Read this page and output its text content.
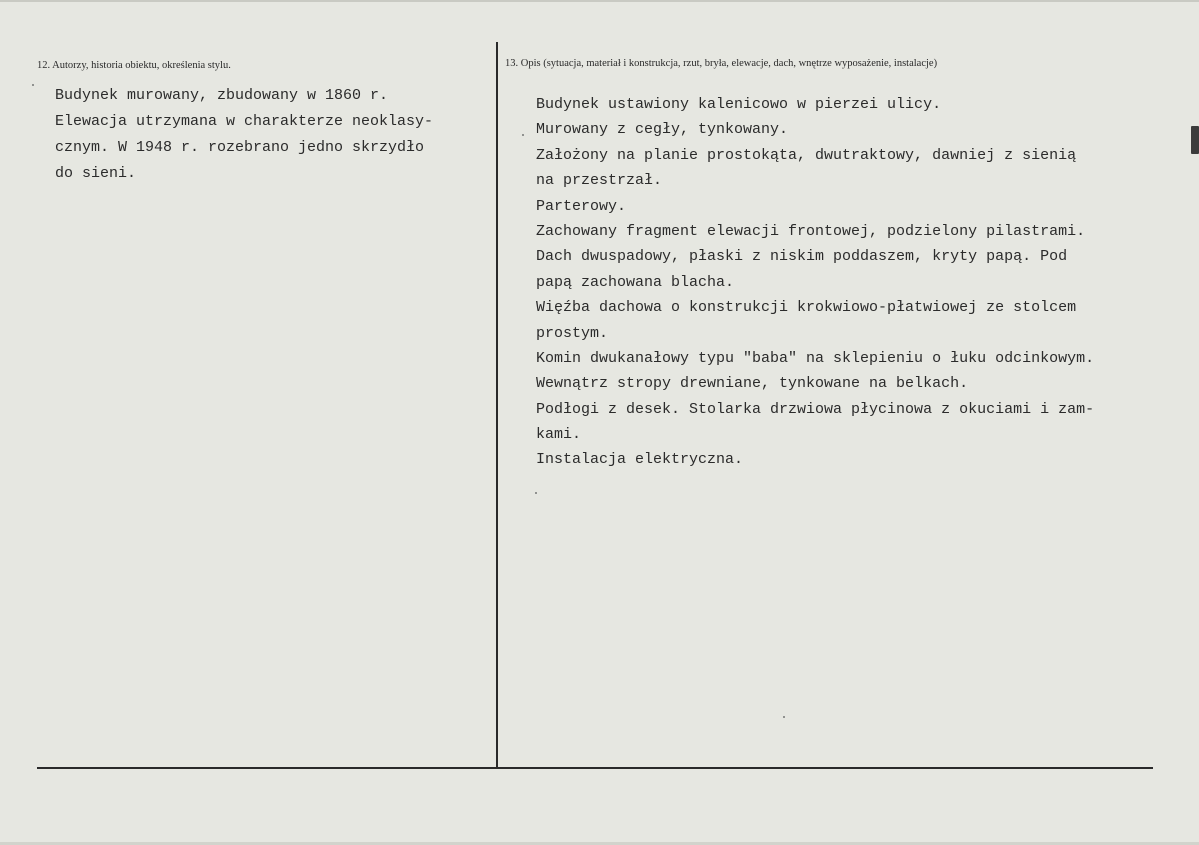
12. Autorzy, historia obiektu, określenia stylu.	13. Opis (sytuacja, materiał i konstrukcja, rzut, bryła, elewacje, dach, wnętrze wyposażenie, instalacje)
Budynek murowany, zbudowany w 1860 r.
Elewacja utrzymana w charakterze neoklasy-
cznym. W 1948 r. rozebrano jedno skrzydło
do sieni.
Budynek ustawiony kalenicowo w pierzei ulicy.
Murowany z cegły, tynkowany.
Założony na planie prostokąta, dwutraktowy, dawniej z sienią
na przestrzał.
Parterowy.
Zachowany fragment elewacji frontowej, podzielony pilastrami.
Dach dwuspadowy, płaski z niskim poddaszem, kryty papą. Pod
papą zachowana blacha.
Więźba dachowa o konstrukcji krokwiowo-płatwiowej ze stolcem
prostym.
Komin dwukanałowy typu "baba" na sklepieniu o łuku odcinkowym.
Wewnątrz stropy drewniane, tynkowane na belkach.
Podłogi z desek. Stolarka drzwiowa płycinowa z okuciami i zam-
kami.
Instalacja elektryczna.
